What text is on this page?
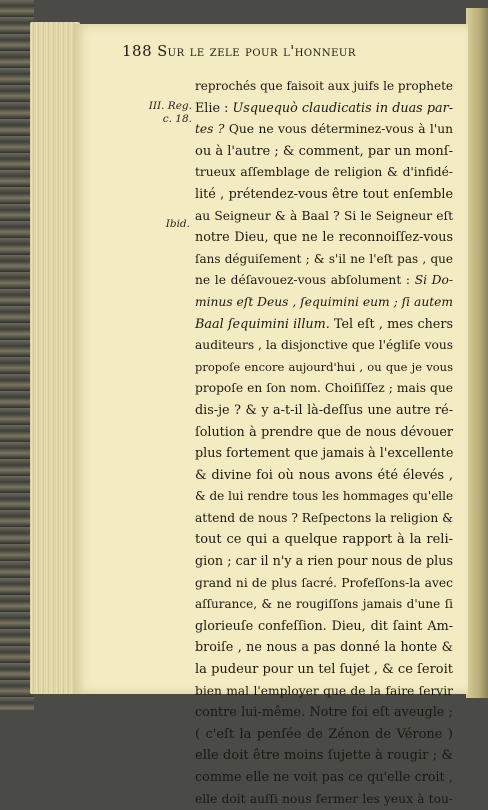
188 Sur le zele pour l'honneur
III. Reg.
c. 18.
Ibid.
reprochés que faisoit aux juifs le prophete
Elie : Usquequò claudicatis in duas par-
tes ? Que ne vous déterminez-vous à l'un
ou à l'autre ; & comment, par un monſ-
trueux aſſemblage de religion & d'infidé-
lité , prétendez-vous être tout enſemble
au Seigneur & à Baal ? Si le Seigneur eſt
notre Dieu, que ne le reconnoiſſez-vous
ſans déguiſement ; & s'il ne l'eſt pas , que
ne le déſavouez-vous abſolument : Si Do-
minus eſt Deus , ſequimini eum ; ſi autem
Baal ſequimini illum. Tel eſt , mes chers
auditeurs , la disjonctive que l'égliſe vous
propoſe encore aujourd'hui , ou que je vous
propoſe en ſon nom. Choiſiſſez ; mais que
dis-je ? & y a-t-il là-deſſus une autre ré-
ſolution à prendre que de nous dévouer
plus fortement que jamais à l'excellente
& divine foi où nous avons été élevés ,
& de lui rendre tous les hommages qu'elle
attend de nous ? Reſpectons la religion &
tout ce qui a quelque rapport à la reli-
gion ; car il n'y a rien pour nous de plus
grand ni de plus ſacré. Profeſſons-la avec
aſſurance, & ne rougiſſons jamais d'une ſi
glorieuſe confeſſion. Dieu, dit ſaint Am-
broiſe , ne nous a pas donné la honte &
la pudeur pour un tel ſujet , & ce ſeroit
bien mal l'employer que de la faire ſervir
contre lui-même. Notre foi eſt aveugle ;
( c'eſt la penſée de Zénon de Vérone )
elle doit être moins ſujette à rougir ; &
comme elle ne voit pas ce qu'elle croit ,
elle doit auſſi nous fermer les yeux à tou-
